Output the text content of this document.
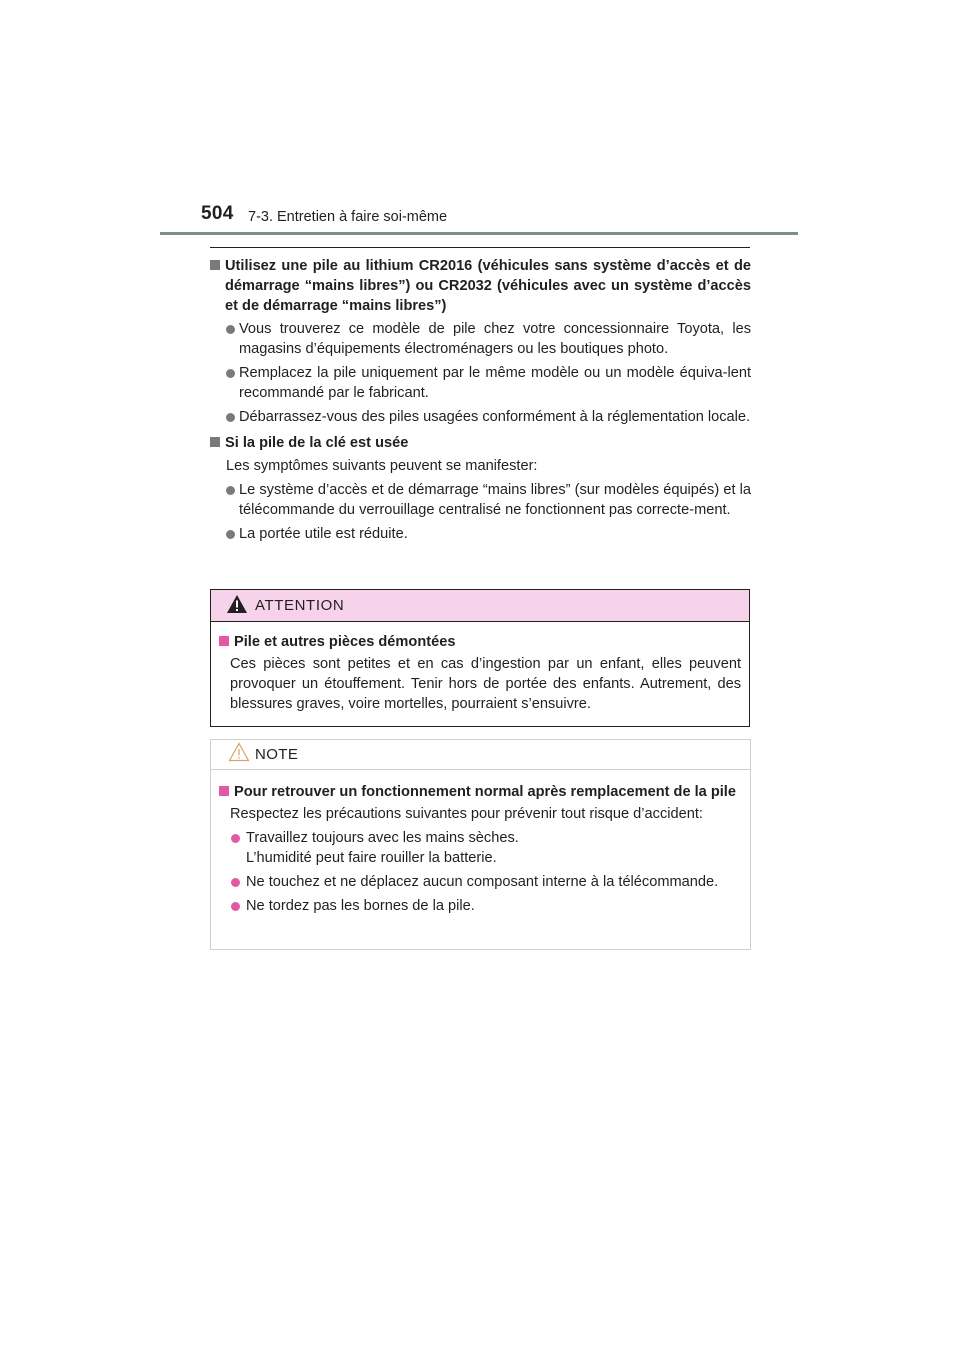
504 7-3. Entretien à faire soi-même
Utilisez une pile au lithium CR2016 (véhicules sans système d’accès et de démarrage “mains libres”) ou CR2032 (véhicules avec un système d’accès et de démarrage “mains libres”)
Vous trouverez ce modèle de pile chez votre concessionnaire Toyota, les magasins d’équipements électroménagers ou les boutiques photo.
Remplacez la pile uniquement par le même modèle ou un modèle équiva-lent recommandé par le fabricant.
Débarrassez-vous des piles usagées conformément à la réglementation locale.
Si la pile de la clé est usée
Les symptômes suivants peuvent se manifester:
Le système d’accès et de démarrage “mains libres” (sur modèles équipés) et la télécommande du verrouillage centralisé ne fonctionnent pas correcte-ment.
La portée utile est réduite.
ATTENTION
Pile et autres pièces démontées
Ces pièces sont petites et en cas d’ingestion par un enfant, elles peuvent provoquer un étouffement. Tenir hors de portée des enfants. Autrement, des blessures graves, voire mortelles, pourraient s’ensuivre.
NOTE
Pour retrouver un fonctionnement normal après remplacement de la pile
Respectez les précautions suivantes pour prévenir tout risque d’accident:
Travaillez toujours avec les mains sèches.
L’humidité peut faire rouiller la batterie.
Ne touchez et ne déplacez aucun composant interne à la télécommande.
Ne tordez pas les bornes de la pile.
